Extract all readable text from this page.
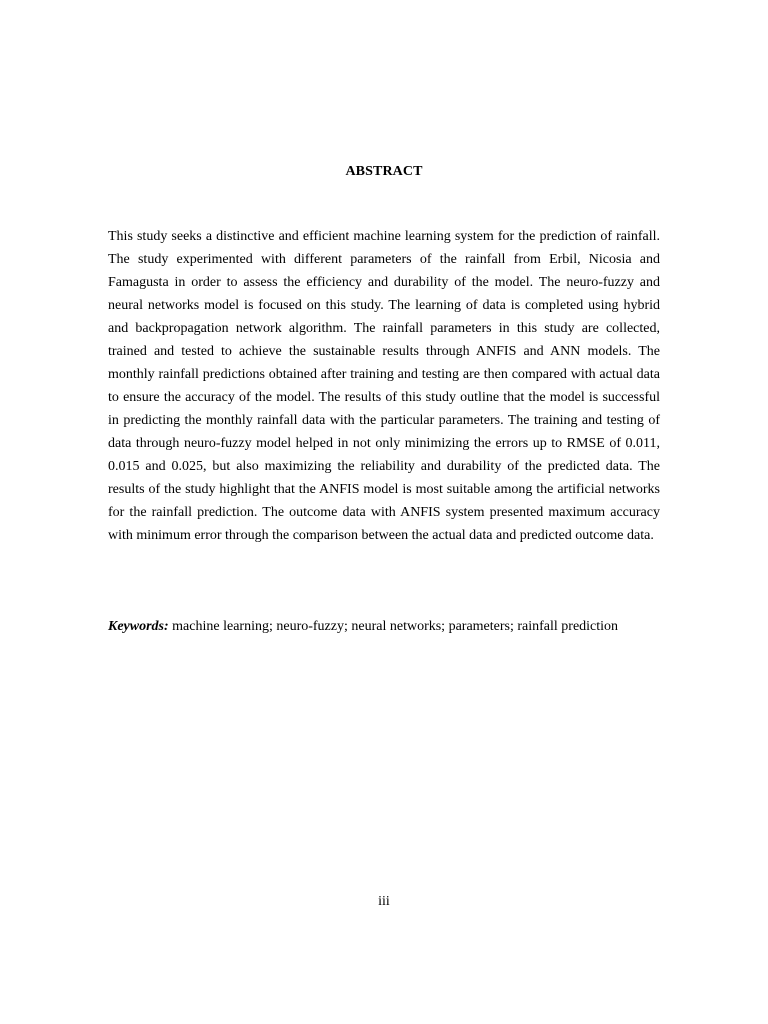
ABSTRACT

This study seeks a distinctive and efficient machine learning system for the prediction of rainfall. The study experimented with different parameters of the rainfall from Erbil, Nicosia and Famagusta in order to assess the efficiency and durability of the model. The neuro-fuzzy and neural networks model is focused on this study. The learning of data is completed using hybrid and backpropagation network algorithm. The rainfall parameters in this study are collected, trained and tested to achieve the sustainable results through ANFIS and ANN models. The monthly rainfall predictions obtained after training and testing are then compared with actual data to ensure the accuracy of the model. The results of this study outline that the model is successful in predicting the monthly rainfall data with the particular parameters. The training and testing of data through neuro-fuzzy model helped in not only minimizing the errors up to RMSE of 0.011, 0.015 and 0.025, but also maximizing the reliability and durability of the predicted data. The results of the study highlight that the ANFIS model is most suitable among the artificial networks for the rainfall prediction. The outcome data with ANFIS system presented maximum accuracy with minimum error through the comparison between the actual data and predicted outcome data.

Keywords: machine learning; neuro-fuzzy; neural networks; parameters; rainfall prediction

iii
